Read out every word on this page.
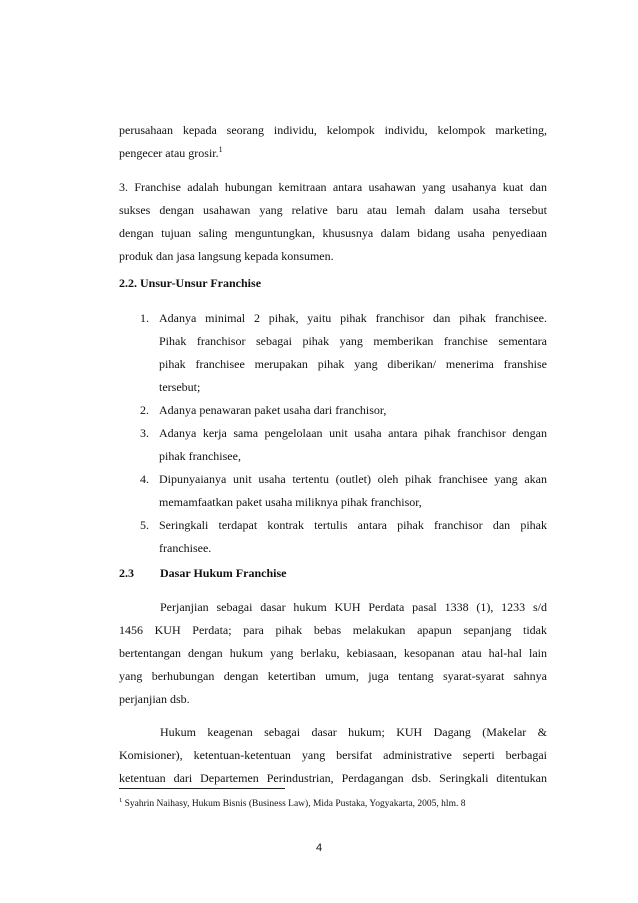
perusahaan kepada seorang individu, kelompok individu, kelompok marketing,
pengecer atau grosir.$^1$
3. Franchise adalah hubungan kemitraan antara usahawan yang usahanya kuat dan
sukses dengan usahawan yang relative baru atau lemah dalam usaha tersebut
dengan tujuan saling menguntungkan, khususnya dalam bidang usaha penyediaan
produk dan jasa langsung kepada konsumen.
2.2. Unsur-Unsur Franchise
1. Adanya minimal 2 pihak, yaitu pihak franchisor dan pihak franchisee.
Pihak franchisor sebagai pihak yang memberikan franchise sementara
pihak franchisee merupakan pihak yang diberikan/ menerima franshise
tersebut;
2. Adanya penawaran paket usaha dari franchisor,
3. Adanya kerja sama pengelolaan unit usaha antara pihak franchisor dengan
pihak franchisee,
4. Dipunyaianya unit usaha tertentu (outlet) oleh pihak franchisee yang akan
memamfaatkan paket usaha miliknya pihak franchisor,
5. Seringkali terdapat kontrak tertulis antara pihak franchisor dan pihak
franchisee.
2.3 Dasar Hukum Franchise
Perjanjian sebagai dasar hukum KUH Perdata pasal 1338 (1), 1233 s/d
1456 KUH Perdata; para pihak bebas melakukan apapun sepanjang tidak
bertentangan dengan hukum yang berlaku, kebiasaan, kesopanan atau hal-hal lain
yang berhubungan dengan ketertiban umum, juga tentang syarat-syarat sahnya
perjanjian dsb.
Hukum keagenan sebagai dasar hukum; KUH Dagang (Makelar &
Komisioner), ketentuan-ketentuan yang bersifat administrative seperti berbagai
ketentuan dari Departemen Perindustrian, Perdagangan dsb. Seringkali ditentukan
$^1$ Syahrin Naihasy, Hukum Bisnis (Business Law), Mida Pustaka, Yogyakarta, 2005, hlm. 8
4
